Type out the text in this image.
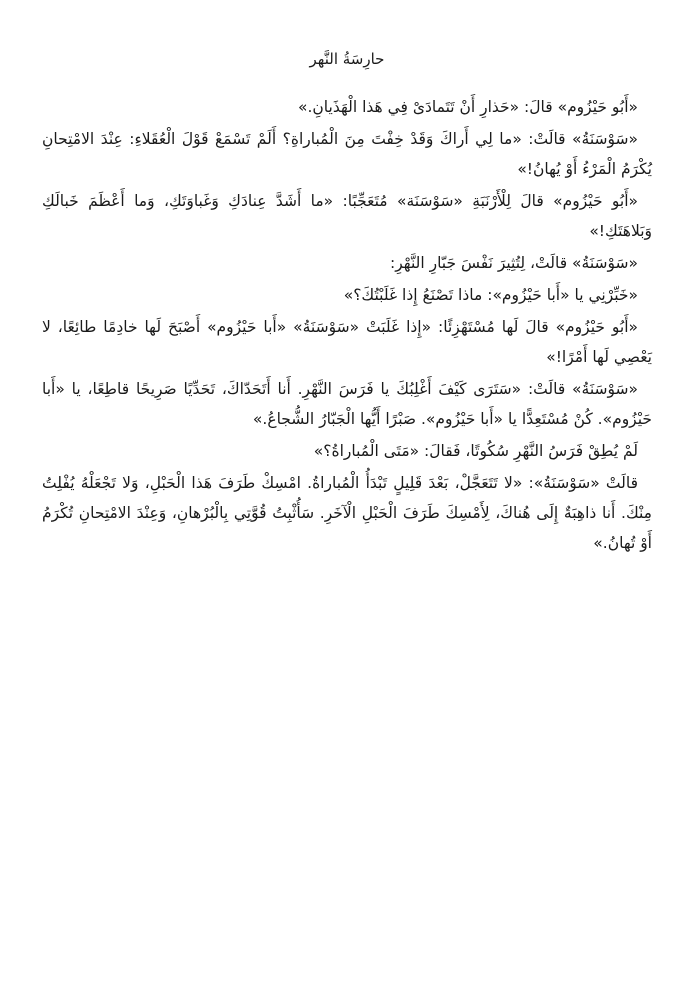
حارِسَةُ النَّهر

«أَبُو حَيْزُوم» قالَ: «حَذارِ أَنْ تَتَمادَىْ فِي هَذا الْهَذَيانِ.»

«سَوْسَنَةُ» قالَتْ: «ما لِي أَراكَ وَقَدْ خِفْتَ مِنَ الْمُباراةِ؟ أَلَمْ تَسْمَعْ قَوْلَ الْعُقَلاءِ: عِنْدَ الامْتِحانِ يُكْرَمُ الْمَرْءُ أَوْ يُهانُ!»

«أَبُو حَيْزُوم» قالَ لِلْأَرْنَبَةِ «سَوْسَنَة» مُتَعَجِّبًا: «ما أَشَدَّ عِنادَكِ وَغَباوَتَكِ، وَما أَعْظَمَ خَبالَكِ وَبَلاهَتَكِ!»

«سَوْسَنَةُ» قالَتْ، لِتُثِيرَ نَفْسَ جَبّارِ النَّهْرِ:

«خَبِّرْنِي يا «أَبا حَيْزُوم»: ماذا تَصْنَعُ إِذا غَلَبْتُكَ؟»

«أَبُو حَيْزُوم» قالَ لَها مُسْتَهْزِئًا: «إِذا غَلَبَتْ «سَوْسَنَةُ» «أَبا حَيْزُوم» أَصْبَحَ لَها خادِمًا طائِعًا، لا يَعْصِي لَها أَمْرًا!»

«سَوْسَنَةُ» قالَتْ: «سَتَرَى كَيْفَ أَغْلِبُكَ يا فَرَسَ النَّهْرِ. أَنا أَتَحَدّاكَ، تَحَدِّيًا صَرِيحًا قاطِعًا، يا «أَبا حَيْزُوم». كُنْ مُسْتَعِدًّا يا «أَبا حَيْزُوم». صَبْرًا أَيُّها الْجَبّارُ الشُّجاعُ.»

لَمْ يُطِقْ فَرَسُ النَّهْرِ سُكُوتًا، فَقالَ: «مَتَى الْمُباراةُ؟»

قالَتْ «سَوْسَنَةُ»: «لا تَتَعَجَّلْ، بَعْدَ قَلِيلٍ تَبْدَأُ الْمُباراةُ. امْسِكْ طَرَفَ هَذا الْحَبْلِ، وَلا تَجْعَلْهُ يُفْلِتُ مِنْكَ. أَنا ذاهِبَةٌ إِلَى هُناكَ، لِأَمْسِكَ طَرَفَ الْحَبْلِ الْآخَرِ. سَأُثْبِتُ قُوَّتِي بِالْبُرْهانِ، وَعِنْدَ الامْتِحانِ تُكْرَمُ أَوْ تُهانُ.»
